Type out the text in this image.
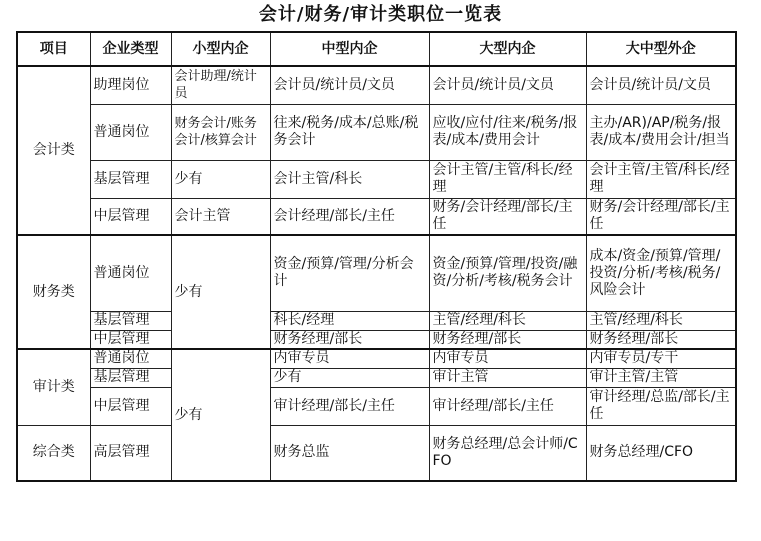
会计/财务/审计类职位一览表
项目	企业类型	小型内企	中型内企	大型内企	大中型外企
会计类	助理岗位	会计助理/统计员	会计员/统计员/文员	会计员/统计员/文员	会计员/统计员/文员
	普通岗位	财务会计/账务会计/核算会计	往来/税务/成本/总账/税务会计	应收/应付/往来/税务/报表/成本/费用会计	主办/AR)/AP/税务/报表/成本/费用会计/担当
	基层管理	少有	会计主管/科长	会计主管/主管/科长/经理	会计主管/主管/科长/经理
	中层管理	会计主管	会计经理/部长/主任	财务/会计经理/部长/主任	财务/会计经理/部长/主任
财务类	普通岗位	少有	资金/预算/管理/分析会计	资金/预算/管理/投资/融资/分析/考核/税务会计	成本/资金/预算/管理/投资/分析/考核/税务/风险会计
	基层管理		科长/经理	主管/经理/科长	主管/经理/科长
	中层管理		财务经理/部长	财务经理/部长	财务经理/部长
审计类	普通岗位	少有	内审专员	内审专员	内审专员/专干
	基层管理		少有	审计主管	审计主管/主管
	中层管理		审计经理/部长/主任	审计经理/部长/主任	审计经理/总监/部长/主任
综合类	高层管理		财务总监	财务总经理/总会计师/CFO	财务总经理/CFO
